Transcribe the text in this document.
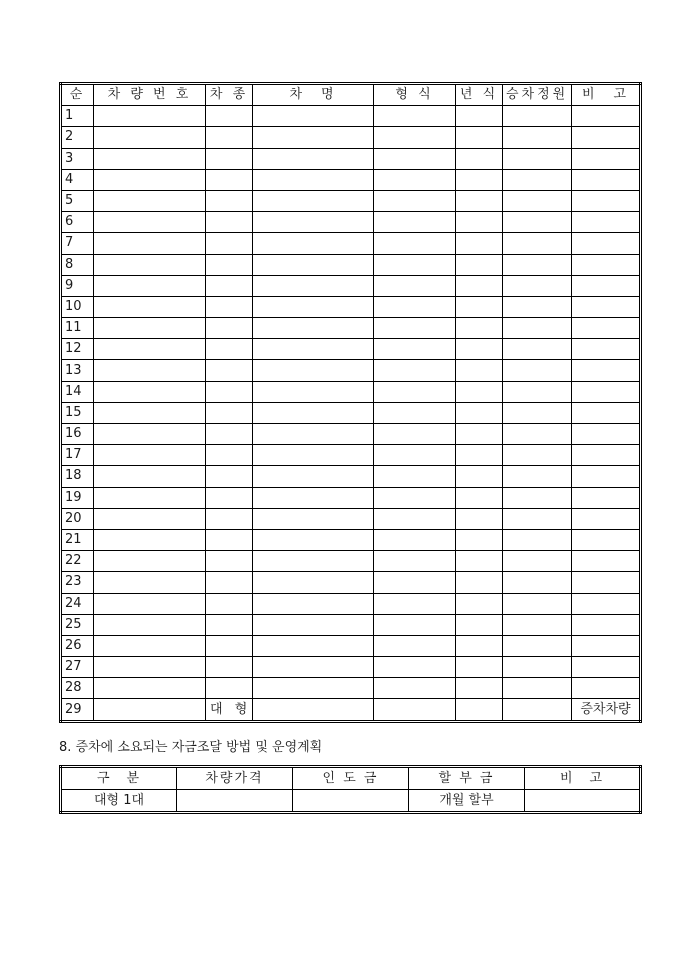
순	차 량 번 호	차 종	차　명	형 식	년 식	승차정원	비　고
1							
2							
3							
4							
5							
6							
7							
8							
9							
10							
11							
12							
13							
14							
15							
16							
17							
18							
19							
20							
21							
22							
23							
24							
25							
26							
27							
28							
29		대 형					증차차량
8. 증차에 소요되는 자금조달 방법 및 운영계획
구　분	차량가격	인 도 금	할 부 금	비　고
대형 1대			개월 할부	
